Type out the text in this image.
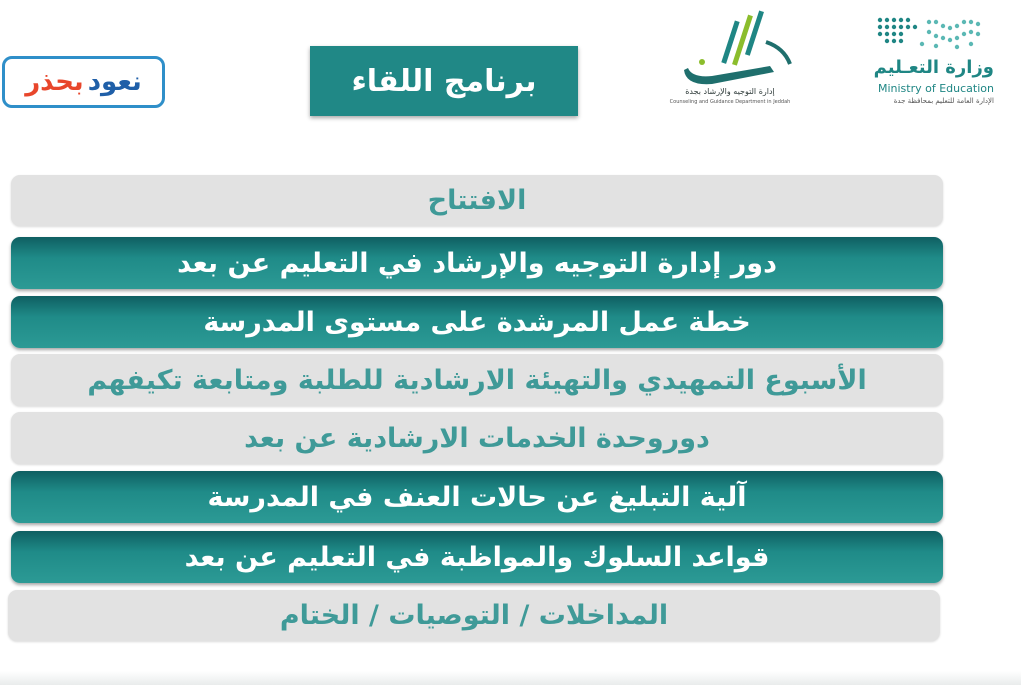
نعود
بحذر	برنامج اللقاء	إدارة التوجيه والإرشاد بجدة
Counseling and Guidance Department in Jeddah
وزارة التعـليم
Ministry of Education
الإدارة العامة للتعليم بمحافظة جدة
الافتتاح
دور إدارة التوجيه والإرشاد في التعليم عن بعد
خطة عمل المرشدة على مستوى المدرسة
الأسبوع التمهيدي والتهيئة الارشادية للطلبة ومتابعة تكيفهم
دوروحدة الخدمات الارشادية عن بعد
آلية التبليغ عن حالات العنف في المدرسة
قواعد السلوك والمواظبة في التعليم عن بعد
المداخلات / التوصيات / الختام
